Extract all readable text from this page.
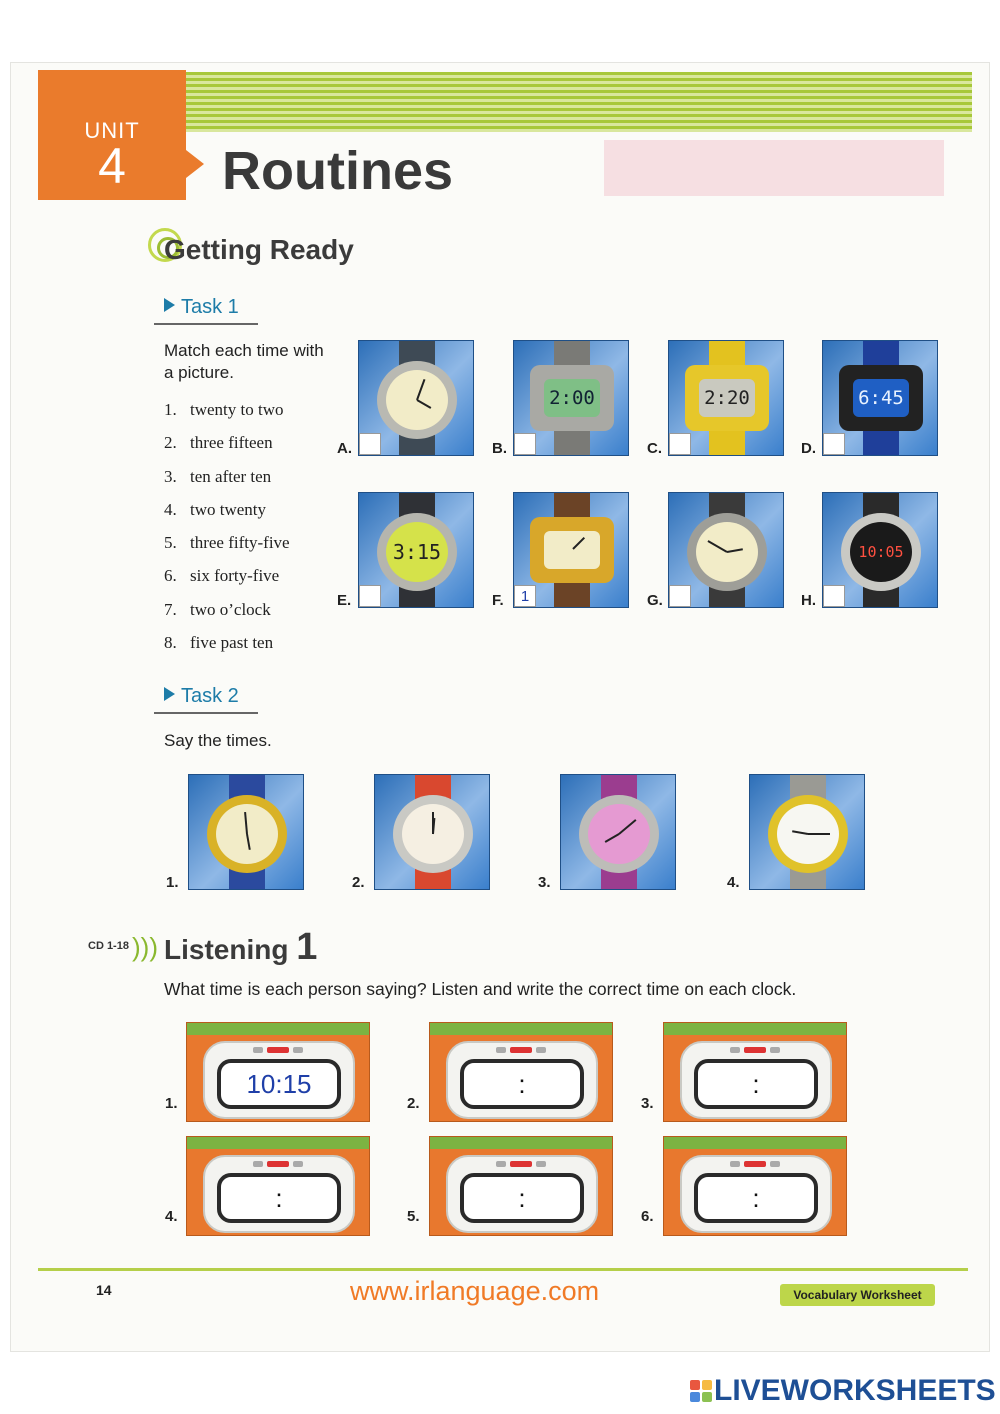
UNIT
4	Routines
Getting Ready
Task 1
Match each time with a picture.
1. twenty to two
2. three fifteen
3. ten after ten
4. two twenty
5. three fifty-five
6. six forty-five
7. two o’clock
8. five past ten
A.	B.
2:00
C.
2:20
D.
6:45
E.
3:15
F.	1	G.	H.
10:05
Task 2
Say the times.
1.	2.	3.	4.
CD 1-18 ))) Listening 1
What time is each person saying? Listen and write the correct time on each clock.
1.
10:15
2.
:
3.
:
4.
:
5.
:
6.
:
14	www.irlanguage.com	Vocabulary Worksheet
LIVEWORKSHEETS
